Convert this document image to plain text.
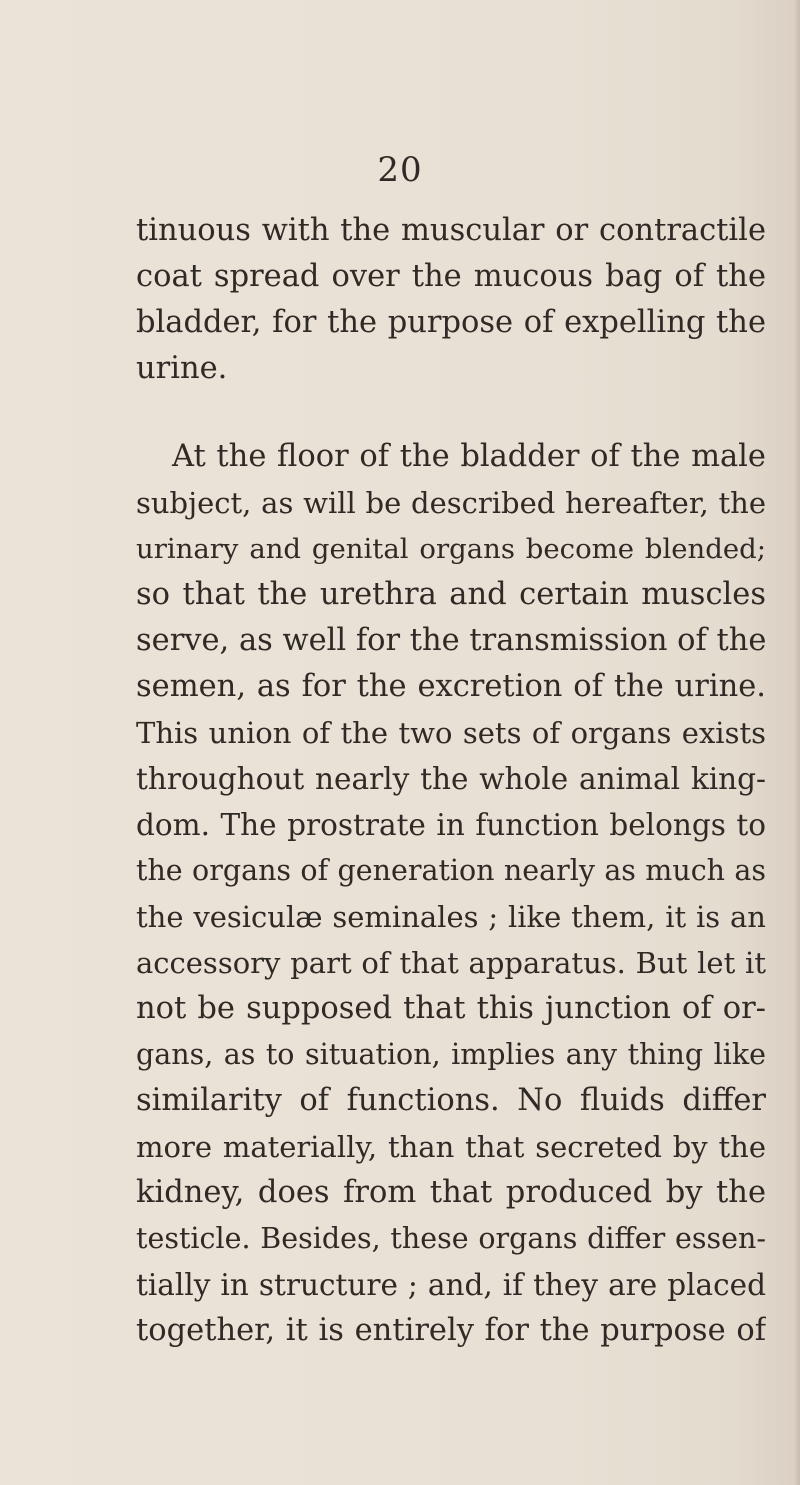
20
tinuous with the muscular or contractile
coat spread over the mucous bag of the
bladder, for the purpose of expelling the
urine.
At the floor of the bladder of the male
subject, as will be described hereafter, the
urinary and genital organs become blended;
so that the urethra and certain muscles
serve, as well for the transmission of the
semen, as for the excretion of the urine.
This union of the two sets of organs exists
throughout nearly the whole animal king-
dom. The prostrate in function belongs to
the organs of generation nearly as much as
the vesiculæ seminales ; like them, it is an
accessory part of that apparatus. But let it
not be supposed that this junction of or-
gans, as to situation, implies any thing like
similarity of functions. No fluids differ
more materially, than that secreted by the
kidney, does from that produced by the
testicle. Besides, these organs differ essen-
tially in structure ; and, if they are placed
together, it is entirely for the purpose of
